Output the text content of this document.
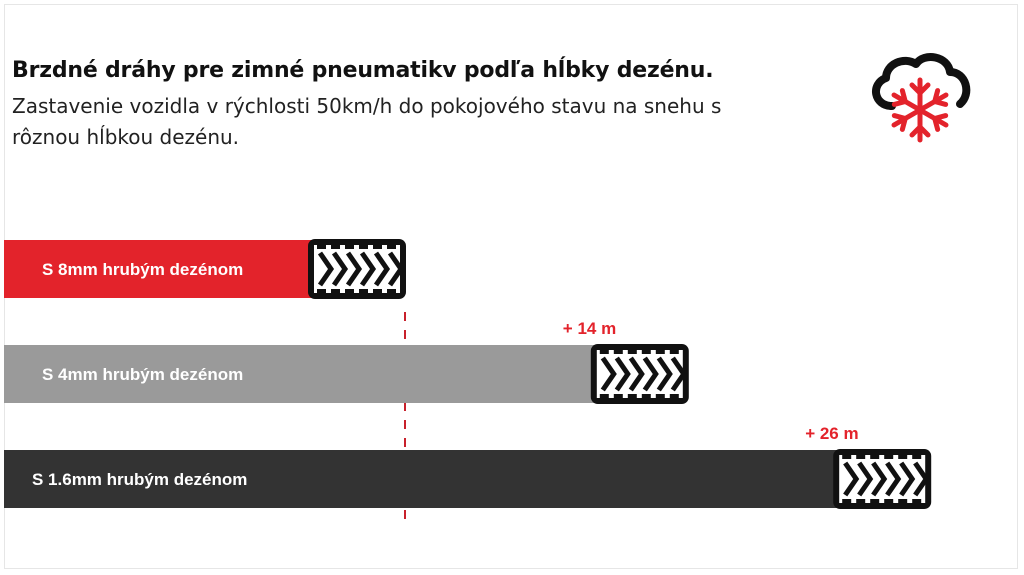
Brzdné dráhy pre zimné pneumatikv podľa hĺbky dezénu.

Zastavenie vozidla v rýchlosti 50km/h do pokojového stavu na snehu s rôznou hĺbkou dezénu.

S 8mm hrubým dezénom
S 4mm hrubým dezénom
+ 14 m
S 1.6mm hrubým dezénom
+ 26 m
